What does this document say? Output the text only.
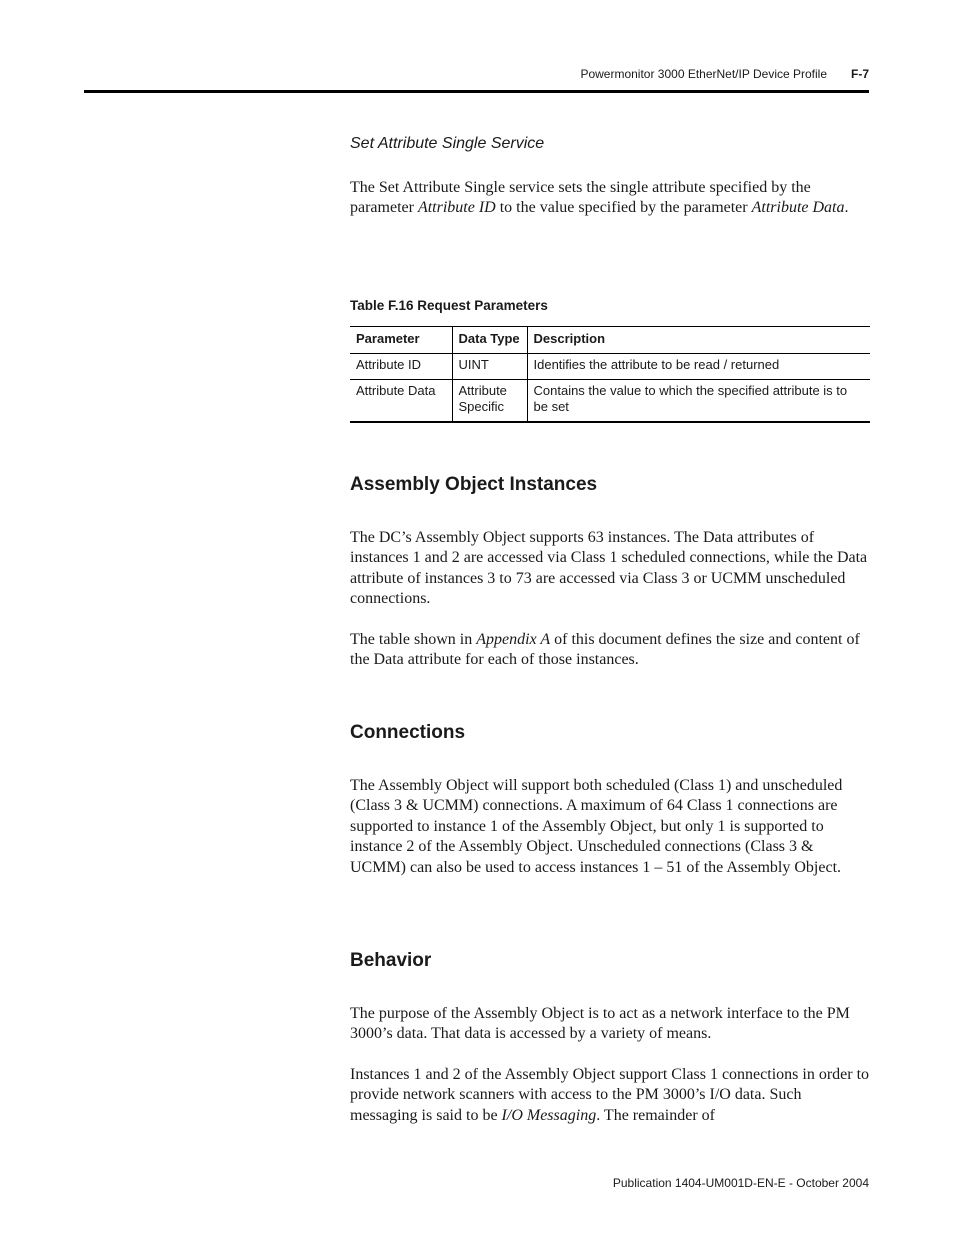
Powermonitor 3000 EtherNet/IP Device Profile F-7
Set Attribute Single Service

The Set Attribute Single service sets the single attribute specified by the parameter Attribute ID to the value specified by the parameter Attribute Data.

Table F.16 Request Parameters
Parameter	Data Type	Description
Attribute ID	UINT	Identifies the attribute to be read / returned
Attribute Data	Attribute Specific	Contains the value to which the specified attribute is to be set
Assembly Object Instances

The DC’s Assembly Object supports 63 instances. The Data attributes of instances 1 and 2 are accessed via Class 1 scheduled connections, while the Data attribute of instances 3 to 73 are accessed via Class 3 or UCMM unscheduled connections.

The table shown in Appendix A of this document defines the size and content of the Data attribute for each of those instances.

Connections

The Assembly Object will support both scheduled (Class 1) and unscheduled (Class 3 & UCMM) connections. A maximum of 64 Class 1 connections are supported to instance 1 of the Assembly Object, but only 1 is supported to instance 2 of the Assembly Object. Unscheduled connections (Class 3 & UCMM) can also be used to access instances 1 – 51 of the Assembly Object.

Behavior

The purpose of the Assembly Object is to act as a network interface to the PM 3000’s data. That data is accessed by a variety of means.

Instances 1 and 2 of the Assembly Object support Class 1 connections in order to provide network scanners with access to the PM 3000’s I/O data. Such messaging is said to be I/O Messaging. The remainder of

Publication 1404-UM001D-EN-E - October 2004
